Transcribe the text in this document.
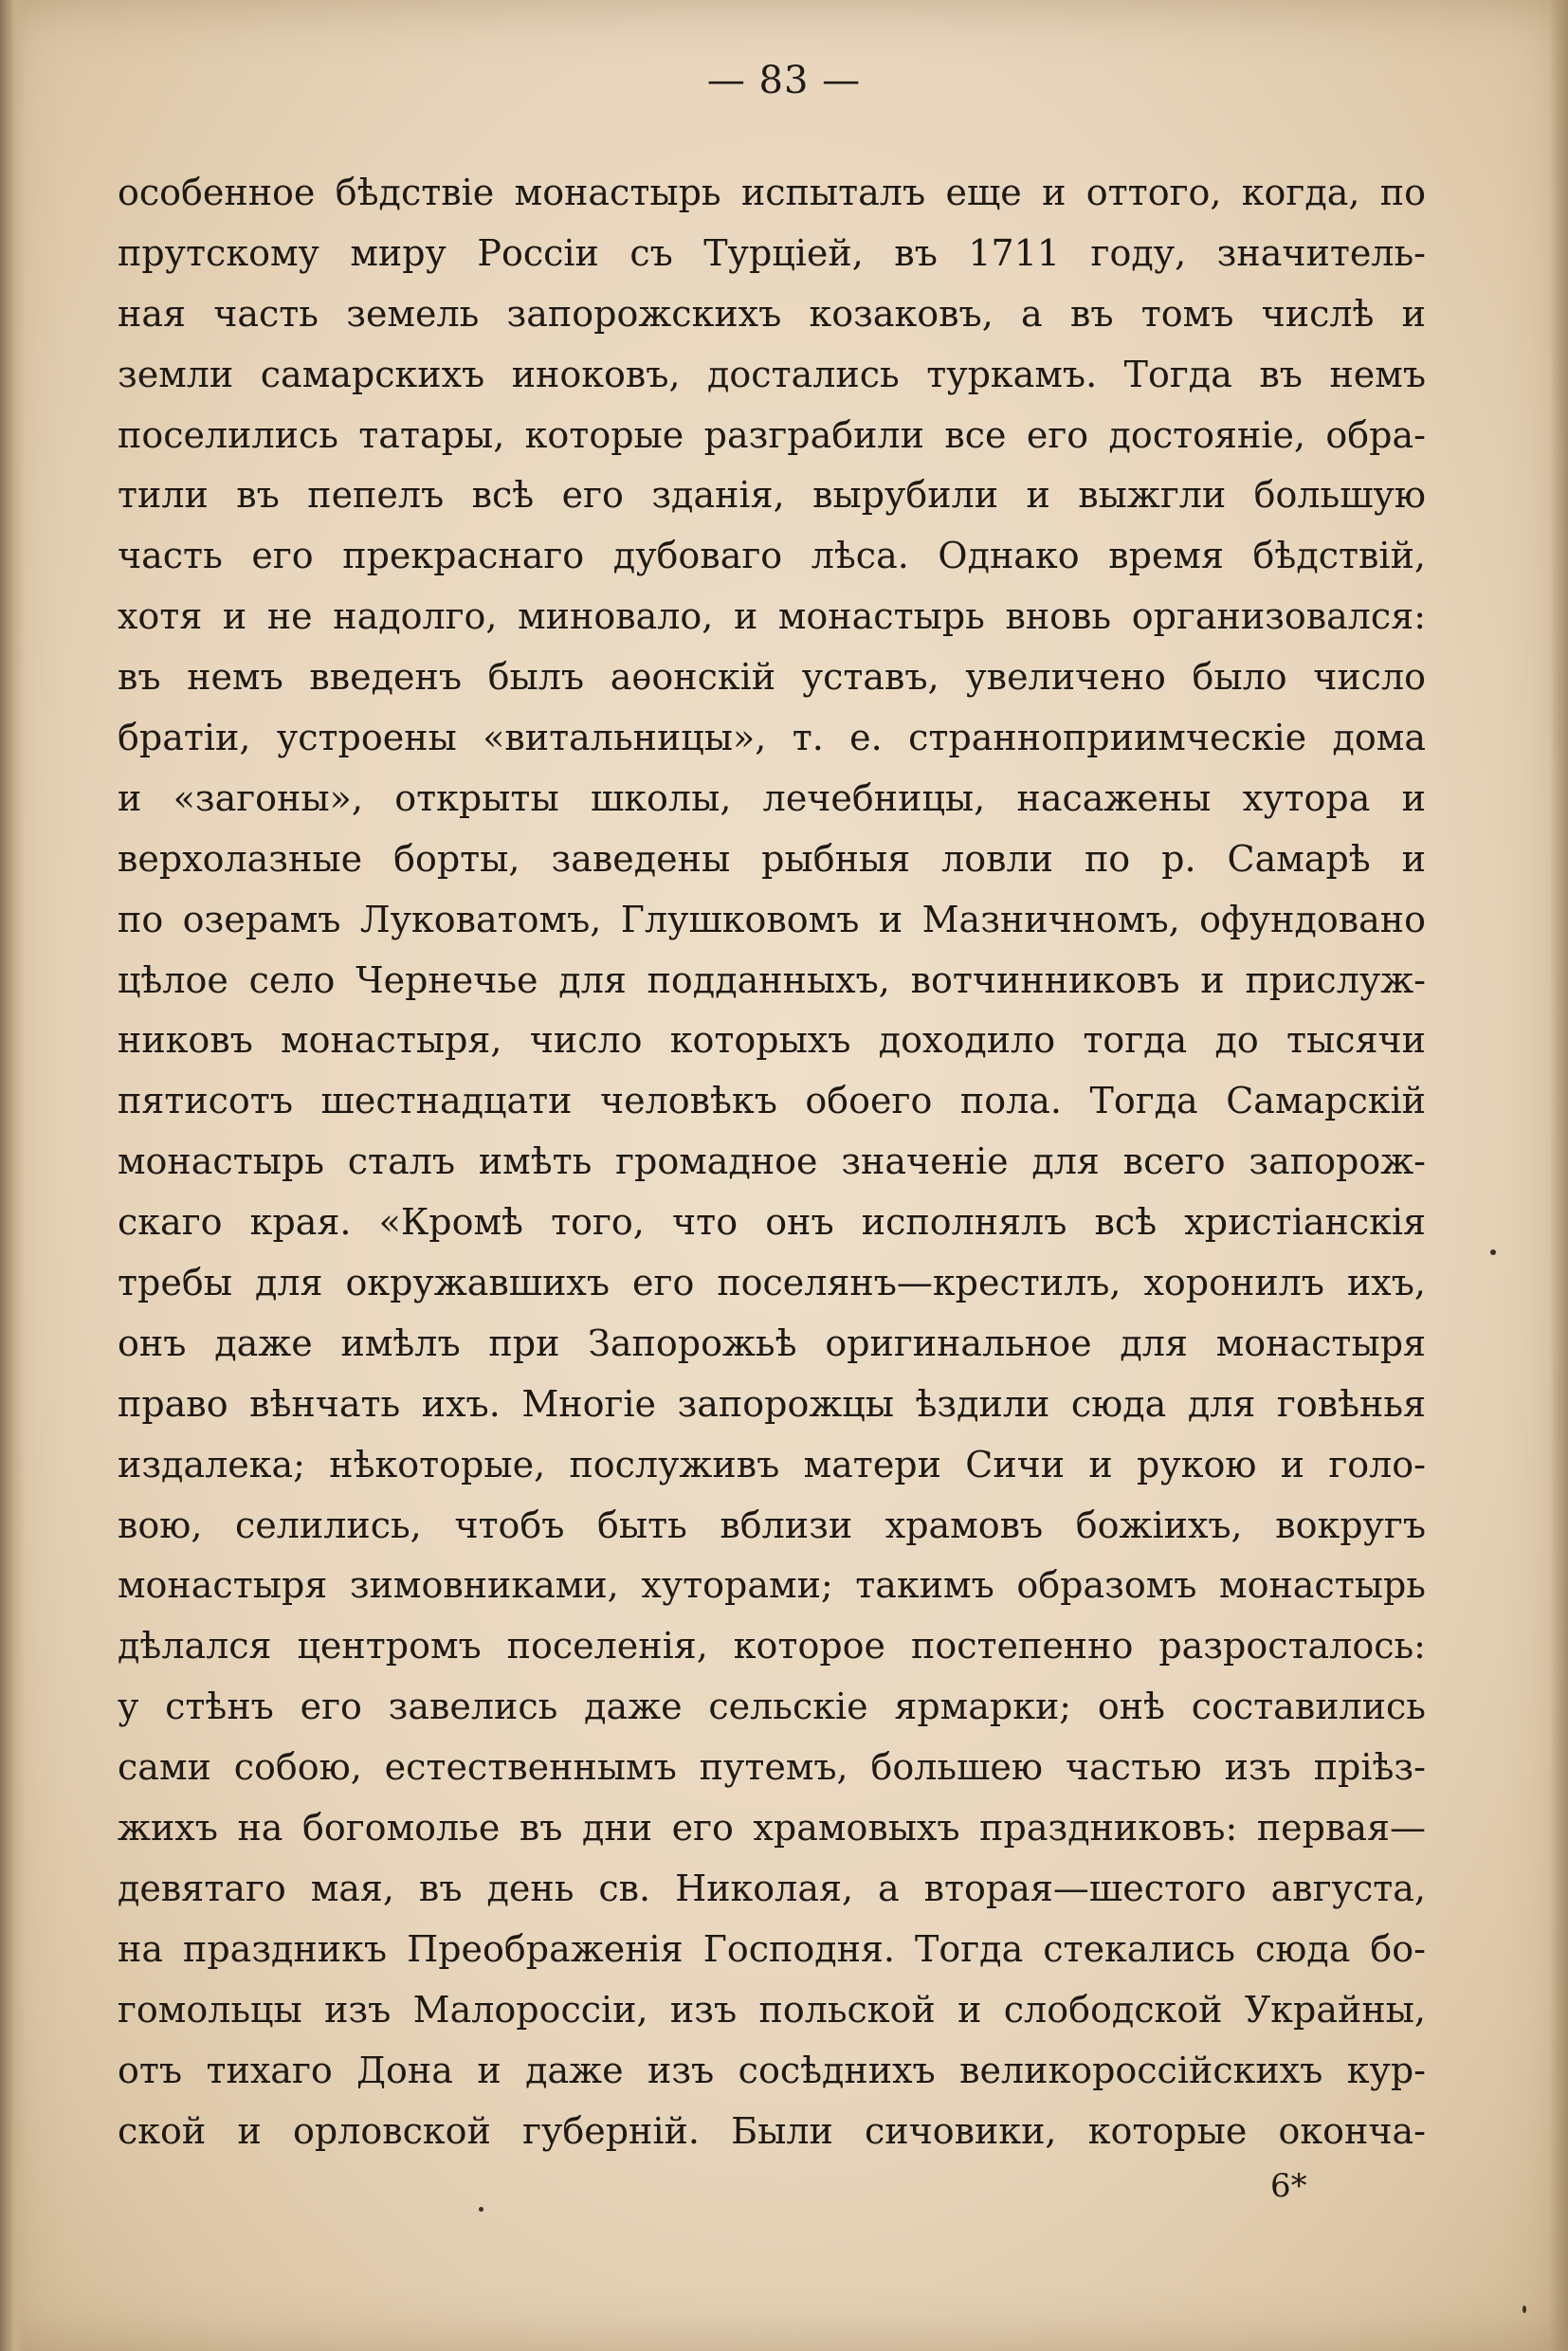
— 83 —
особенное бѣдствіе монастырь испыталъ еще и оттого, когда, по
прутскому миру Россіи съ Турціей, въ 1711 году, значитель-
ная часть земель запорожскихъ козаковъ, а въ томъ числѣ и
земли самарскихъ иноковъ, достались туркамъ. Тогда въ немъ
поселились татары, которые разграбили все его достояніе, обра-
тили въ пепелъ всѣ его зданія, вырубили и выжгли большую
часть его прекраснаго дубоваго лѣса. Однако время бѣдствій,
хотя и не надолго, миновало, и монастырь вновь организовался:
въ немъ введенъ былъ аѳонскій уставъ, увеличено было число
братіи, устроены «витальницы», т. е. странноприимческіе дома
и «загоны», открыты школы, лечебницы, насажены хутора и
верхолазные борты, заведены рыбныя ловли по р. Самарѣ и
по озерамъ Луковатомъ, Глушковомъ и Мазничномъ, офундовано
цѣлое село Чернечье для подданныхъ, вотчинниковъ и прислуж-
никовъ монастыря, число которыхъ доходило тогда до тысячи
пятисотъ шестнадцати человѣкъ обоего пола. Тогда Самарскій
монастырь сталъ имѣть громадное значеніе для всего запорож-
скаго края. «Кромѣ того, что онъ исполнялъ всѣ христіанскія
требы для окружавшихъ его поселянъ—крестилъ, хоронилъ ихъ,
онъ даже имѣлъ при Запорожьѣ оригинальное для монастыря
право вѣнчать ихъ. Многіе запорожцы ѣздили сюда для говѣнья
издалека; нѣкоторые, послуживъ матери Сичи и рукою и голо-
вою, селились, чтобъ быть вблизи храмовъ божіихъ, вокругъ
монастыря зимовниками, хуторами; такимъ образомъ монастырь
дѣлался центромъ поселенія, которое постепенно разросталось:
у стѣнъ его завелись даже сельскіе ярмарки; онѣ составились
сами собою, естественнымъ путемъ, большею частью изъ пріѣз-
жихъ на богомолье въ дни его храмовыхъ праздниковъ: первая—
девятаго мая, въ день св. Николая, а вторая—шестого августа,
на праздникъ Преображенія Господня. Тогда стекались сюда бо-
гомольцы изъ Малороссіи, изъ польской и слободской Украйны,
отъ тихаго Дона и даже изъ сосѣднихъ великороссійскихъ кур-
ской и орловской губерній. Были сичовики, которые оконча-
6*
